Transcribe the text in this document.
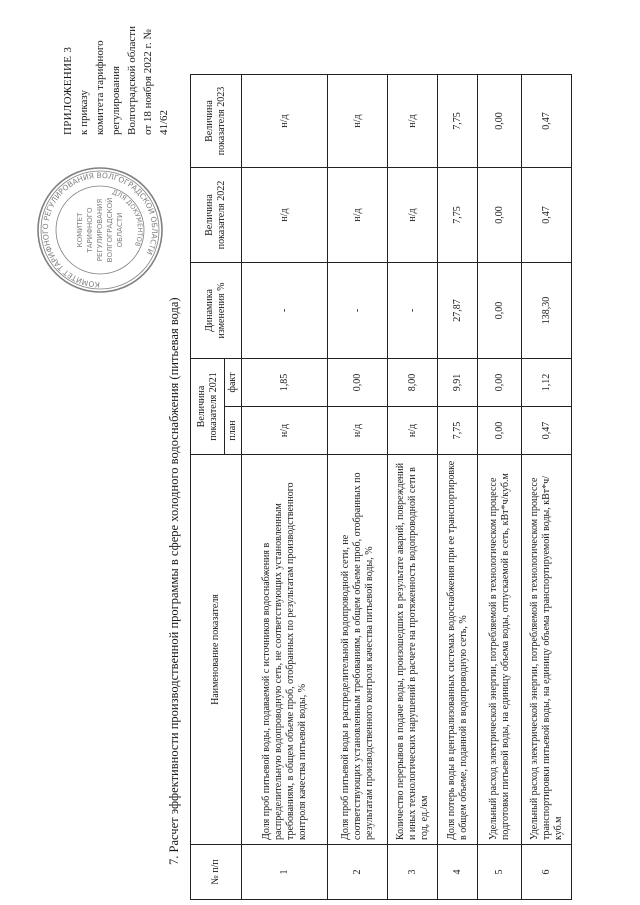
КОМИТЕТ ТАРИФНОГО РЕГУЛИРОВАНИЯ ВОЛГОГРАДСКОЙ ОБЛАСТИ
ДЛЯ ДОКУМЕНТОВ
КОМИТЕТ ТАРИФНОГО РЕГУЛИРОВАНИЯ ВОЛГОГРАДСКОЙ ОБЛАСТИ
ПРИЛОЖЕНИЕ 3 к приказу комитета тарифного регулирования Волгоградской области от 18 ноября 2022 г. № 41/62
7. Расчет эффективности производственной программы в сфере холодного водоснабжения (питьевая вода)
№ п/п	Наименование показателя	Величина показателя 2021		Динамика изменения %	Величина показателя 2022	Величина показателя 2023
		план	факт			
1	Доля проб питьевой воды, подаваемой с источников водоснабжения в распределительную водопроводную сеть, не соответствующих установленным требованиям, в общем объеме проб, отобранных по результатам производственного контроля качества питьевой воды, %	н/д	1,85	-	н/д	н/д
2	Доля проб питьевой воды в распределительной водопроводной сети, не соответствующих установленным требованиям, в общем объеме проб, отобранных по результатам производственного контроля качества питьевой воды, %	н/д	0,00	-	н/д	н/д
3	Количество перерывов в подаче воды, произошедших в результате аварий, повреждений и иных технологических нарушений в расчете на протяженность водопроводной сети в год, ед./км	н/д	8,00	-	н/д	н/д
4	Доля потерь воды в централизованных системах водоснабжения при ее транспортировке в общем объеме, поданной в водопроводную сеть, %	7,75	9,91	27,87	7,75	7,75
5	Удельный расход электрической энергии, потребляемой в технологическом процессе подготовки питьевой воды, на единицу объема воды, отпускаемой в сеть, кВт*ч/куб.м	0,00	0,00	0,00	0,00	0,00
6	Удельный расход электрической энергии, потребляемой в технологическом процессе транспортировки питьевой воды, на единицу объема транспортируемой воды, кВт*ч/куб.м	0,47	1,12	138,30	0,47	0,47
